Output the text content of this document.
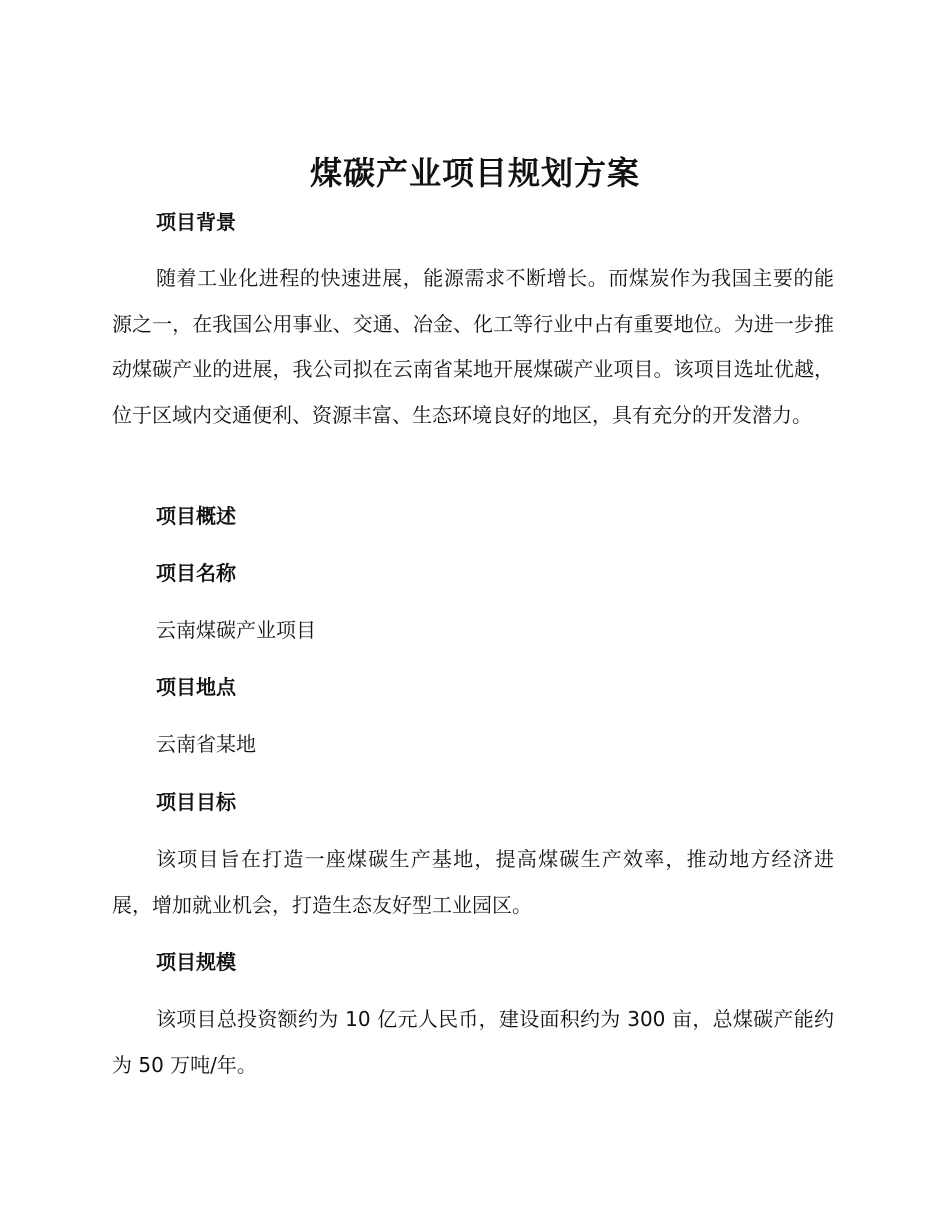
煤碳产业项目规划方案
项目背景
随着工业化进程的快速进展，能源需求不断增长。而煤炭作为我国主要的能源之一，在我国公用事业、交通、冶金、化工等行业中占有重要地位。为进一步推动煤碳产业的进展，我公司拟在云南省某地开展煤碳产业项目。该项目选址优越，位于区域内交通便利、资源丰富、生态环境良好的地区，具有充分的开发潜力。
项目概述
项目名称
云南煤碳产业项目
项目地点
云南省某地
项目目标
该项目旨在打造一座煤碳生产基地，提高煤碳生产效率，推动地方经济进展，增加就业机会，打造生态友好型工业园区。
项目规模
该项目总投资额约为 10 亿元人民币，建设面积约为 300 亩，总煤碳产能约为 50 万吨/年。
